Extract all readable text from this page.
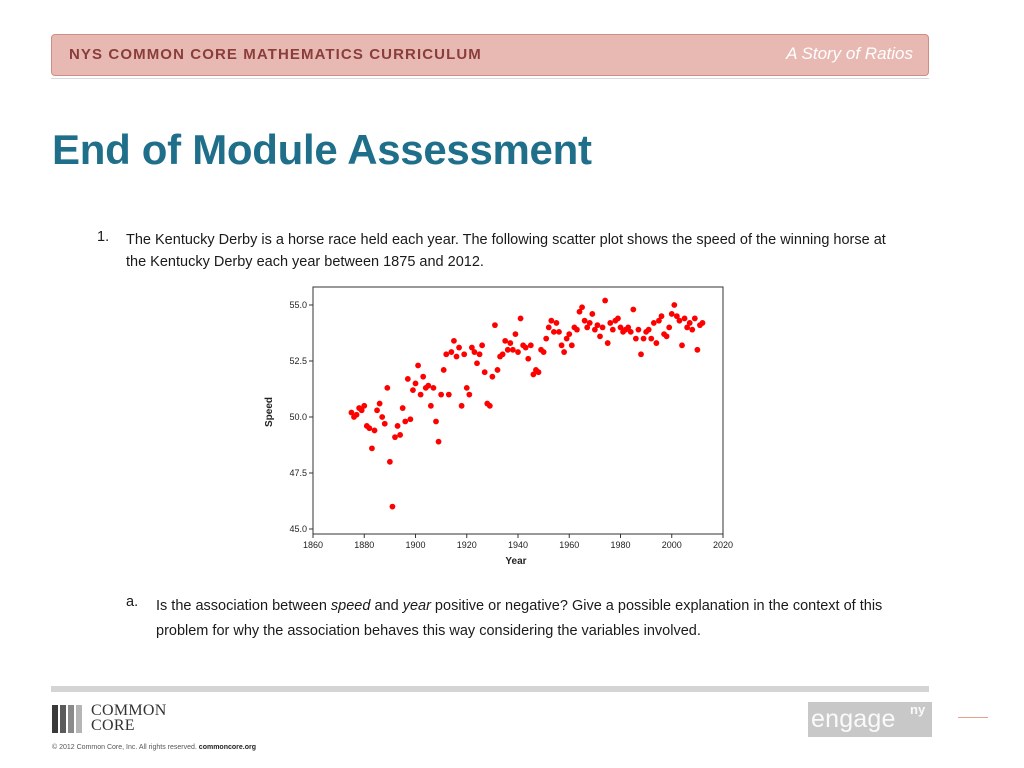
NYS COMMON CORE MATHEMATICS CURRICULUM	A Story of Ratios
End of Module Assessment
1. The Kentucky Derby is a horse race held each year. The following scatter plot shows the speed of the winning horse at the Kentucky Derby each year between 1875 and 2012.
1860	1880	1900	1920	1940	1960	1980	2000	2020
45.0
47.5
50.0
52.5
55.0
Year
Speed
a. Is the association between speed and year positive or negative? Give a possible explanation in the context of this problem for why the association behaves this way considering the variables involved.
COMMON
CORE
© 2012 Common Core, Inc. All rights reserved. commoncore.org
engage ny
